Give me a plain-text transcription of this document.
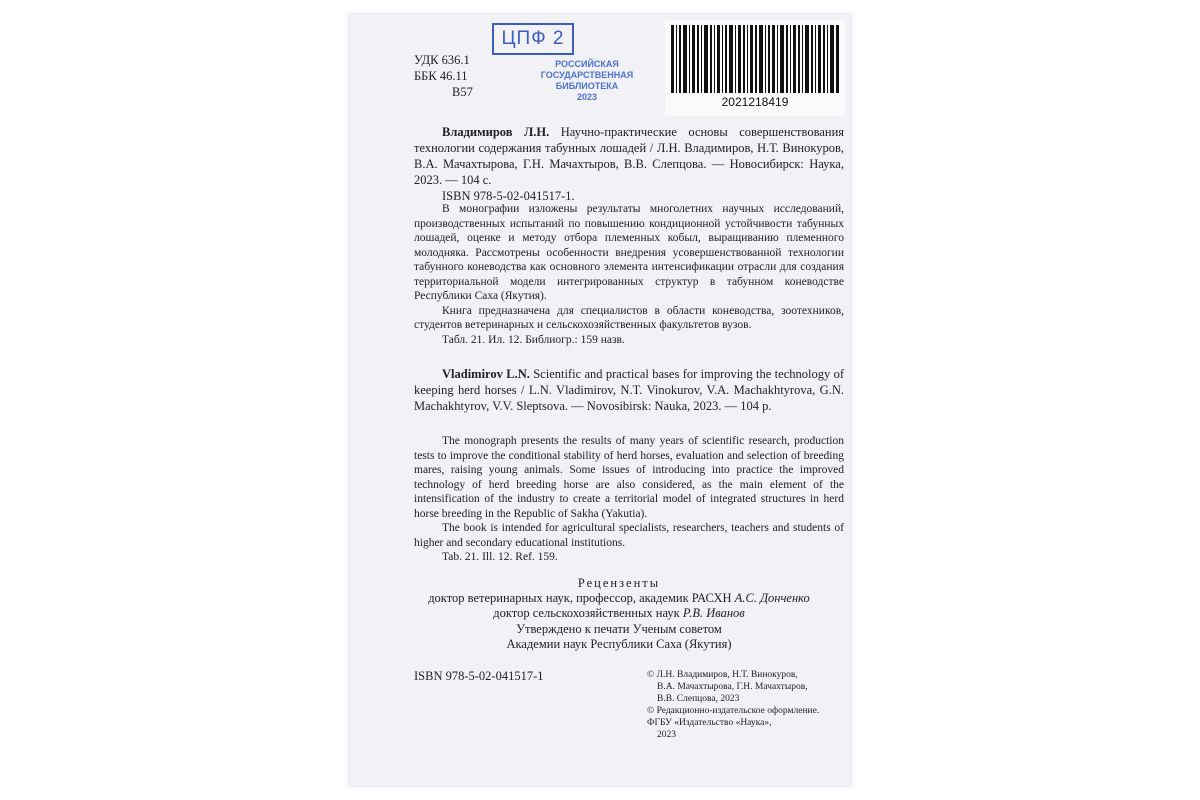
УДК 636.1
ББК 46.11
В57
ЦПФ 2
РОССИЙСКАЯ
ГОСУДАРСТВЕННАЯ
БИБЛИОТЕКА
2023	2021218419

Владимиров Л.Н. Научно-практические основы совершенствования технологии содержания табунных лошадей / Л.Н. Владимиров, Н.Т. Винокуров, В.А. Мачахтырова, Г.Н. Мачахтыров, В.В. Слепцова. — Новосибирск: Наука, 2023. — 104 с.

ISBN 978-5-02-041517-1.

В монографии изложены результаты многолетних научных исследований, производственных испытаний по повышению кондиционной устойчивости табунных лошадей, оценке и методу отбора племенных кобыл, выращиванию племенного молодняка. Рассмотрены особенности внедрения усовершенствованной технологии табунного коневодства как основного элемента интенсификации отрасли для создания территориальной модели интегрированных структур в табунном коневодстве Республики Саха (Якутия).

Книга предназначена для специалистов в области коневодства, зоотехников, студентов ветеринарных и сельскохозяйственных факультетов вузов.

Табл. 21. Ил. 12. Библиогр.: 159 назв.

Vladimirov L.N. Scientific and practical bases for improving the technology of keeping herd horses / L.N. Vladimirov, N.T. Vinokurov, V.A. Machakhtyrova, G.N. Machakhtyrov, V.V. Sleptsova. — Novosibirsk: Nauka, 2023. — 104 p.

The monograph presents the results of many years of scientific research, production tests to improve the conditional stability of herd horses, evaluation and selection of breeding mares, raising young animals. Some issues of introducing into practice the improved technology of herd breeding horse are also considered, as the main element of the intensification of the industry to create a territorial model of integrated structures in herd horse breeding in the Republic of Sakha (Yakutia).

The book is intended for agricultural specialists, researchers, teachers and students of higher and secondary educational institutions.

Tab. 21. Ill. 12. Ref. 159.

Рецензенты
доктор ветеринарных наук, профессор, академик РАСХН А.С. Донченко
доктор сельскохозяйственных наук Р.В. Иванов
Утверждено к печати Ученым советом
Академии наук Республики Саха (Якутия)
ISBN 978-5-02-041517-1	© Л.Н. Владимиров, Н.Т. Винокуров,
В.А. Мачахтырова, Г.Н. Мачахтыров,
В.В. Слепцова, 2023
© Редакционно-издательское оформление. ФГБУ «Издательство «Наука»,
2023
